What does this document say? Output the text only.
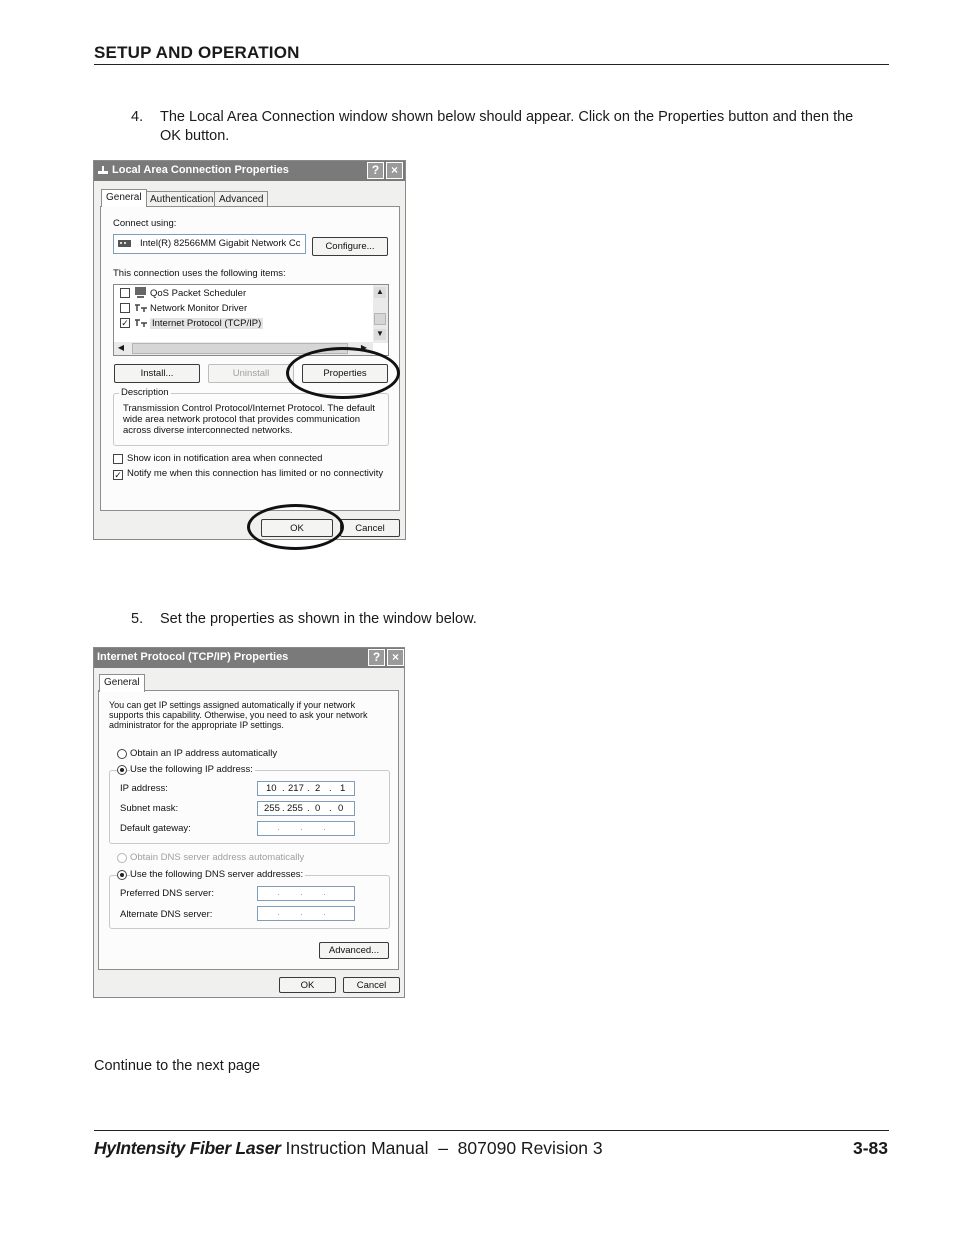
SETUP AND OPERATION
4. The Local Area Connection window shown below should appear. Click on the Properties button and then the
OK button.
Local Area Connection Properties	? ×
General Authentication Advanced
Connect using:
Intel(R) 82566MM Gigabit Network Cc	Configure...
This connection uses the following items:
QoS Packet Scheduler
Network Monitor Driver
✓ Internet Protocol (TCP/IP)
▲
▼
◀	▶
Install...	Uninstall	Properties
Description
Transmission Control Protocol/Internet Protocol. The default wide area network protocol that provides communication across diverse interconnected networks.
Show icon in notification area when connected
✓ Notify me when this connection has limited or no connectivity
OK	Cancel
5. Set the properties as shown in the window below.
Internet Protocol (TCP/IP) Properties	? ×
General
You can get IP settings assigned automatically if your network supports this capability. Otherwise, you need to ask your network administrator for the appropriate IP settings.
Obtain an IP address automatically
Use the following IP address:
IP address:	10 . 217 . 2 . 1
Subnet mask:	255 . 255 . 0 . 0
Default gateway:	. . .
Obtain DNS server address automatically
Use the following DNS server addresses:
Preferred DNS server:	. . .
Alternate DNS server:	. . .
Advanced...
OK	Cancel
Continue to the next page
HyIntensity Fiber Laser Instruction Manual  –  807090 Revision 3	3-83
